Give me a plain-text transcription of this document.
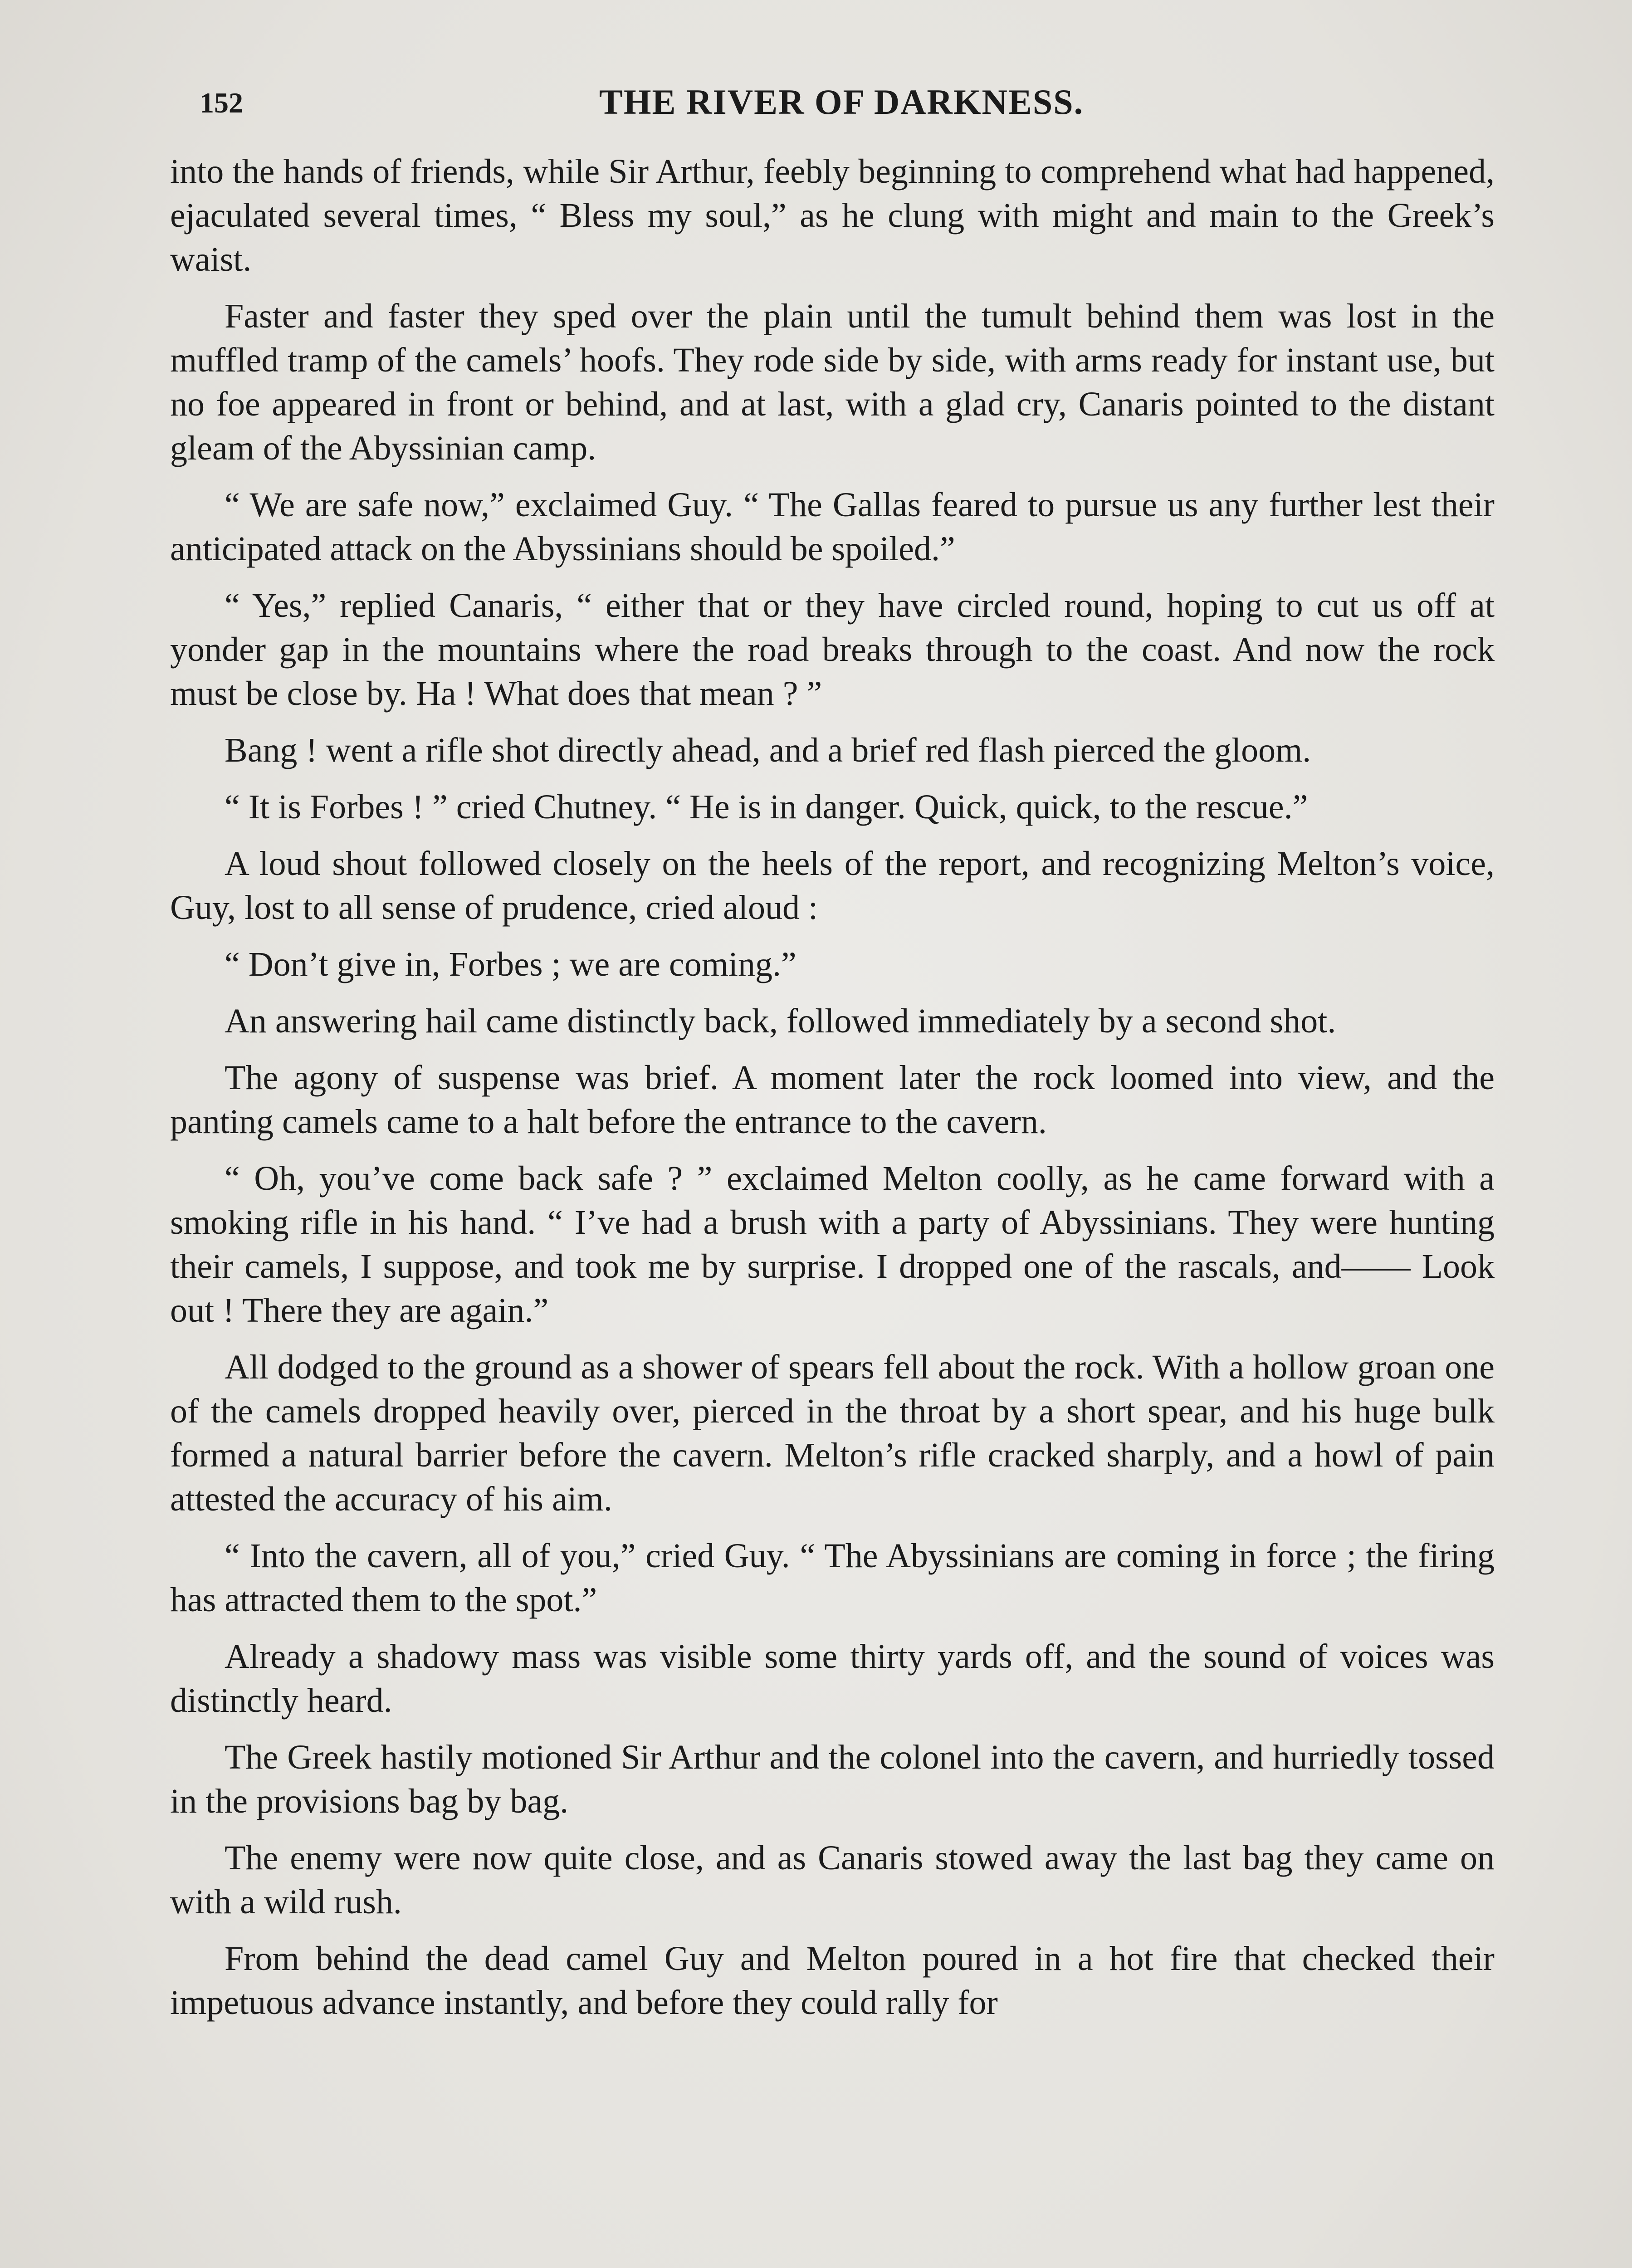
152	THE RIVER OF DARKNESS.

into the hands of friends, while Sir Arthur, feebly beginning to comprehend what had happened, ejaculated several times, “ Bless my soul,” as he clung with might and main to the Greek’s waist.

Faster and faster they sped over the plain until the tumult behind them was lost in the muffled tramp of the camels’ hoofs. They rode side by side, with arms ready for instant use, but no foe appeared in front or behind, and at last, with a glad cry, Canaris pointed to the distant gleam of the Abyssinian camp.

“ We are safe now,” exclaimed Guy. “ The Gallas feared to pursue us any further lest their anticipated attack on the Abyssinians should be spoiled.”

“ Yes,” replied Canaris, “ either that or they have circled round, hoping to cut us off at yonder gap in the mountains where the road breaks through to the coast. And now the rock must be close by. Ha ! What does that mean ? ”

Bang ! went a rifle shot directly ahead, and a brief red flash pierced the gloom.

“ It is Forbes ! ” cried Chutney. “ He is in danger. Quick, quick, to the rescue.”

A loud shout followed closely on the heels of the report, and recognizing Melton’s voice, Guy, lost to all sense of prudence, cried aloud :

“ Don’t give in, Forbes ; we are coming.”

An answering hail came distinctly back, followed immediately by a second shot.

The agony of suspense was brief. A moment later the rock loomed into view, and the panting camels came to a halt before the entrance to the cavern.

“ Oh, you’ve come back safe ? ” exclaimed Melton coolly, as he came forward with a smoking rifle in his hand. “ I’ve had a brush with a party of Abyssinians. They were hunting their camels, I suppose, and took me by surprise. I dropped one of the rascals, and—— Look out ! There they are again.”

All dodged to the ground as a shower of spears fell about the rock. With a hollow groan one of the camels dropped heavily over, pierced in the throat by a short spear, and his huge bulk formed a natural barrier before the cavern. Melton’s rifle cracked sharply, and a howl of pain attested the accuracy of his aim.

“ Into the cavern, all of you,” cried Guy. “ The Abyssinians are coming in force ; the firing has attracted them to the spot.”

Already a shadowy mass was visible some thirty yards off, and the sound of voices was distinctly heard.

The Greek hastily motioned Sir Arthur and the colonel into the cavern, and hurriedly tossed in the provisions bag by bag.

The enemy were now quite close, and as Canaris stowed away the last bag they came on with a wild rush.

From behind the dead camel Guy and Melton poured in a hot fire that checked their impetuous advance instantly, and before they could rally for
